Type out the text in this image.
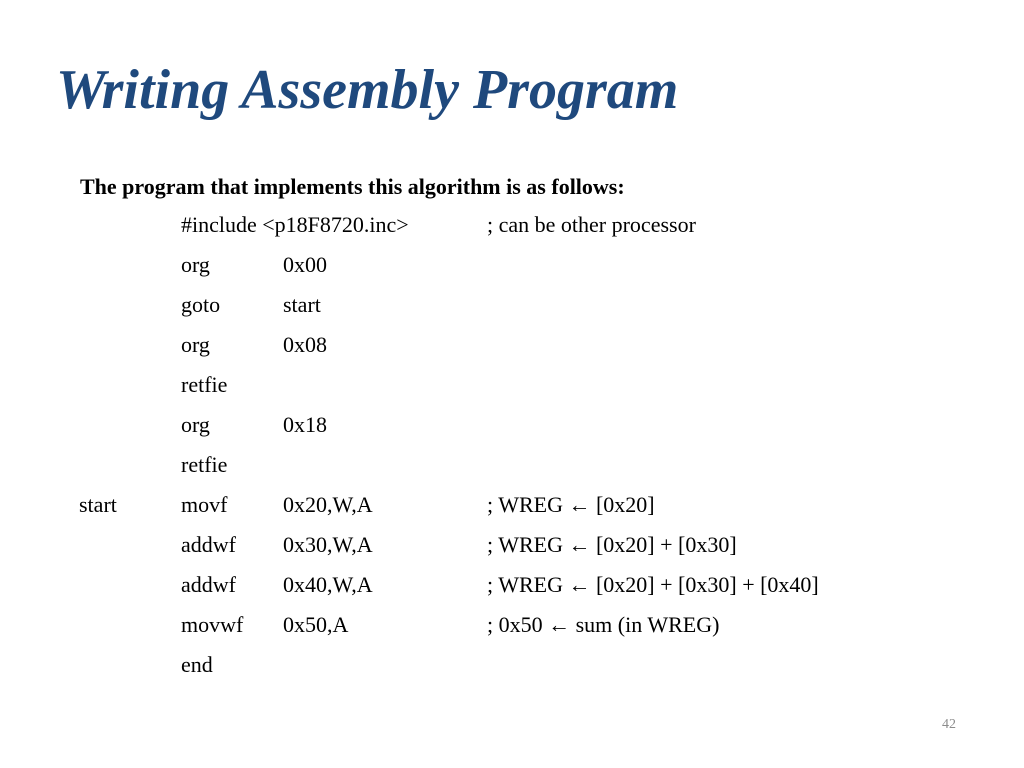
Writing Assembly Program
The program that implements this algorithm is as follows:
#include <p18F8720.inc>	; can be other processor
org	0x00
goto	start
org	0x08
retfie
org	0x18
retfie
start	movf	0x20,W,A	; WREG ← [0x20]
addwf 0x30,W,A	; WREG ← [0x20] + [0x30]
addwf 0x40,W,A	; WREG ← [0x20] + [0x30] + [0x40]
movwf 0x50,A	; 0x50 ← sum (in WREG)
end
42
